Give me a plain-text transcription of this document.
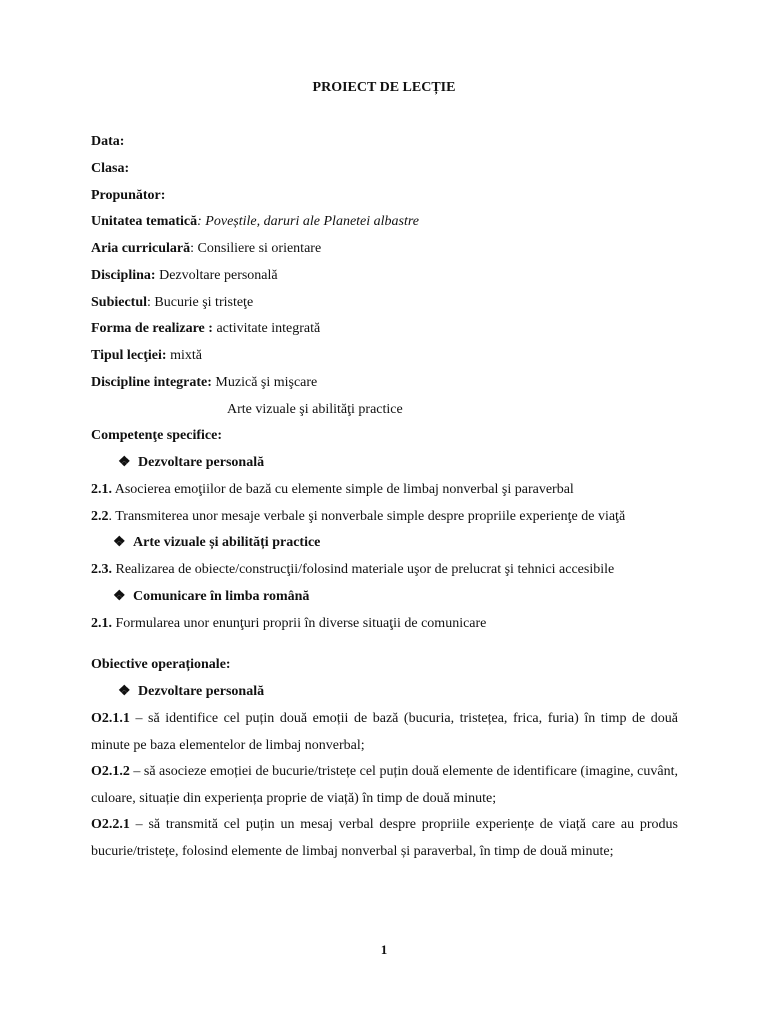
PROIECT DE LECȚIE
Data:
Clasa:
Propunător:
Unitatea tematică: Poveștile, daruri ale Planetei albastre
Aria curriculară: Consiliere si orientare
Disciplina: Dezvoltare personală
Subiectul: Bucurie şi tristeţe
Forma de realizare : activitate integrată
Tipul lecţiei: mixtă
Discipline integrate: Muzică şi mişcare
Arte vizuale şi abilităţi practice
Competenţe specifice:
❖ Dezvoltare personală
2.1. Asocierea emoţiilor de bază cu elemente simple de limbaj nonverbal şi paraverbal
2.2. Transmiterea unor mesaje verbale şi nonverbale simple despre propriile experienţe de viaţă
❖ Arte vizuale și abilități practice
2.3. Realizarea de obiecte/construcţii/folosind materiale uşor de prelucrat şi tehnici accesibile
❖ Comunicare în limba română
2.1. Formularea unor enunţuri proprii în diverse situaţii de comunicare
Obiective operaționale:
❖ Dezvoltare personală
O2.1.1 – să identifice cel puțin două emoții de bază (bucuria, tristețea, frica, furia) în timp de două minute pe baza elementelor de limbaj nonverbal;
O2.1.2 – să asocieze emoției de bucurie/tristețe cel puțin două elemente de identificare (imagine, cuvânt, culoare, situație din experiența proprie de viață) în timp de două minute;
O2.2.1 – să transmită cel puțin un mesaj verbal despre propriile experiențe de viață care au produs bucurie/tristețe, folosind elemente de limbaj nonverbal și paraverbal, în timp de două minute;
1
